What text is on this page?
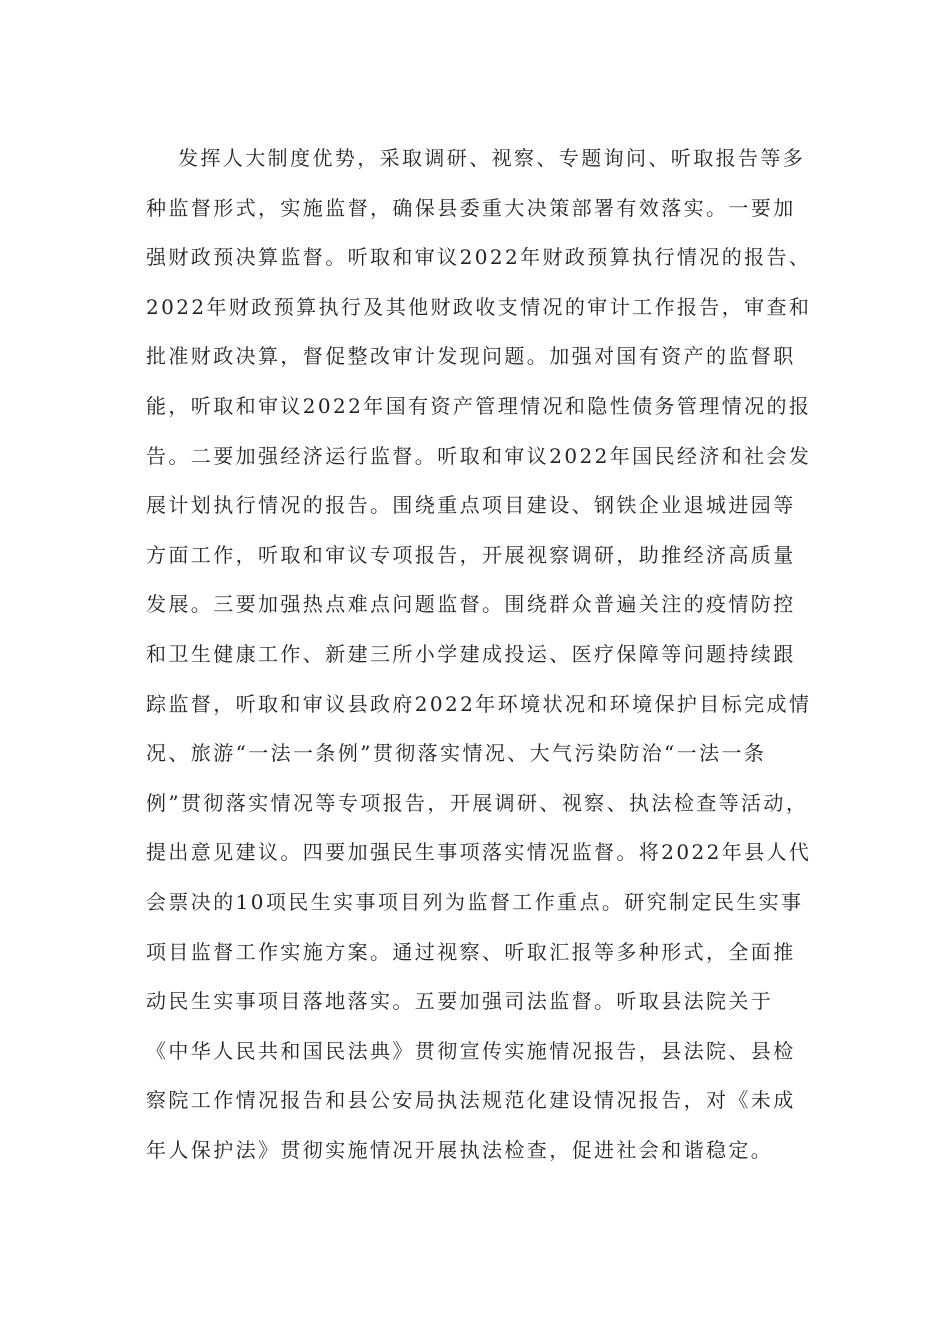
发挥人大制度优势，采取调研、视察、专题询问、听取报告等多
种监督形式，实施监督，确保县委重大决策部署有效落实。一要加
强财政预决算监督。听取和审议2022年财政预算执行情况的报告、
2022年财政预算执行及其他财政收支情况的审计工作报告，审查和
批准财政决算，督促整改审计发现问题。加强对国有资产的监督职
能，听取和审议2022年国有资产管理情况和隐性债务管理情况的报
告。二要加强经济运行监督。听取和审议2022年国民经济和社会发
展计划执行情况的报告。围绕重点项目建设、钢铁企业退城进园等
方面工作，听取和审议专项报告，开展视察调研，助推经济高质量
发展。三要加强热点难点问题监督。围绕群众普遍关注的疫情防控
和卫生健康工作、新建三所小学建成投运、医疗保障等问题持续跟
踪监督，听取和审议县政府2022年环境状况和环境保护目标完成情
况、旅游“一法一条例”贯彻落实情况、大气污染防治“一法一条
例”贯彻落实情况等专项报告，开展调研、视察、执法检查等活动，
提出意见建议。四要加强民生事项落实情况监督。将2022年县人代
会票决的10项民生实事项目列为监督工作重点。研究制定民生实事
项目监督工作实施方案。通过视察、听取汇报等多种形式，全面推
动民生实事项目落地落实。五要加强司法监督。听取县法院关于
《中华人民共和国民法典》贯彻宣传实施情况报告，县法院、县检
察院工作情况报告和县公安局执法规范化建设情况报告，对《未成
年人保护法》贯彻实施情况开展执法检查，促进社会和谐稳定。
